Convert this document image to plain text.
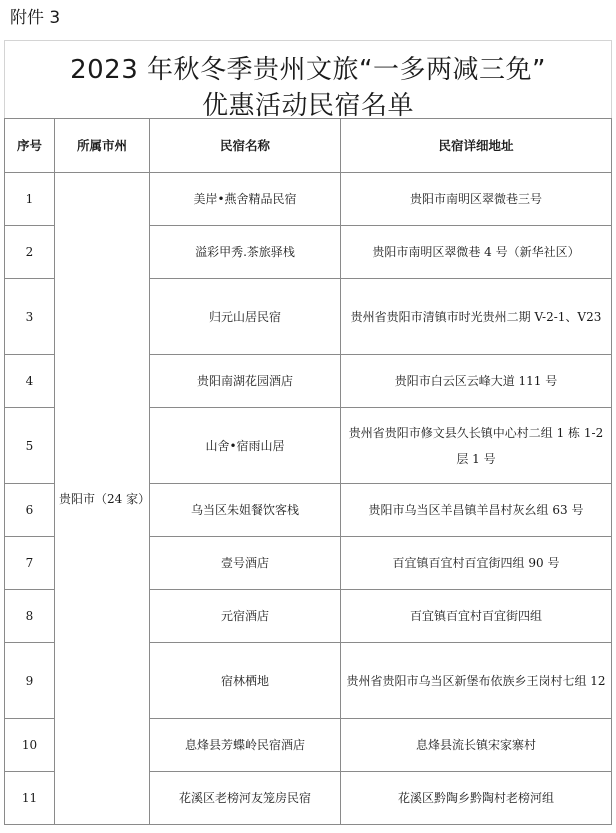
附件 3
2023 年秋冬季贵州文旅“一多两减三免”
优惠活动民宿名单
序号	所属市州	民宿名称	民宿详细地址
1	贵阳市（24 家）	美岸•燕舍精品民宿	贵阳市南明区翠微巷三号
2		溢彩甲秀.茶旅驿栈	贵阳市南明区翠微巷 4 号（新华社区）
3		归元山居民宿	贵州省贵阳市清镇市时光贵州二期 V-2-1、V23
4		贵阳南湖花园酒店	贵阳市白云区云峰大道 111 号
5		山舍•宿雨山居	贵州省贵阳市修文县久长镇中心村二组 1 栋 1-2 层 1 号
6		乌当区朱姐餐饮客栈	贵阳市乌当区羊昌镇羊昌村灰幺组 63 号
7		壹号酒店	百宜镇百宜村百宜街四组 90 号
8		元宿酒店	百宜镇百宜村百宜街四组
9		宿林栖地	贵州省贵阳市乌当区新堡布依族乡王岗村七组 12
10		息烽县芳蝶岭民宿酒店	息烽县流长镇宋家寨村
11		花溪区老榜河友笼房民宿	花溪区黔陶乡黔陶村老榜河组
